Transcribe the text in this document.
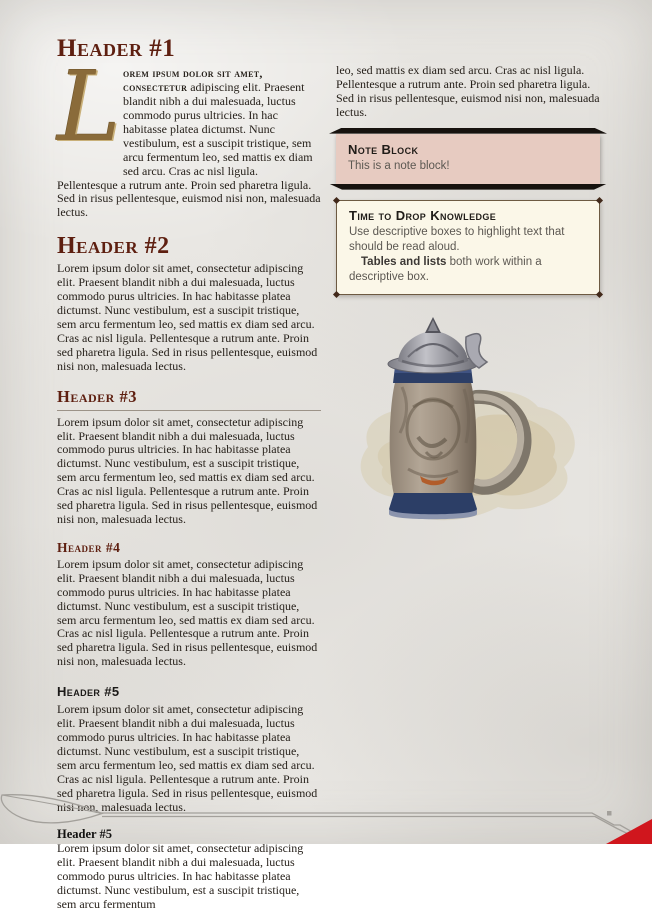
Header #1

Lorem ipsum dolor sit amet, consectetur adipiscing elit. Praesent blandit nibh a dui malesuada, luctus commodo purus ultricies. In hac habitasse platea dictumst. Nunc vestibulum, est a suscipit tristique, sem arcu fermentum leo, sed mattis ex diam sed arcu. Cras ac nisl ligula. Pellentesque a rutrum ante. Proin sed pharetra ligula. Sed in risus pellentesque, euismod nisi non, malesuada lectus.

Header #2

Lorem ipsum dolor sit amet, consectetur adipiscing elit. Praesent blandit nibh a dui malesuada, luctus commodo purus ultricies. In hac habitasse platea dictumst. Nunc vestibulum, est a suscipit tristique, sem arcu fermentum leo, sed mattis ex diam sed arcu. Cras ac nisl ligula. Pellentesque a rutrum ante. Proin sed pharetra ligula. Sed in risus pellentesque, euismod nisi non, malesuada lectus.

Header #3

Lorem ipsum dolor sit amet, consectetur adipiscing elit. Praesent blandit nibh a dui malesuada, luctus commodo purus ultricies. In hac habitasse platea dictumst. Nunc vestibulum, est a suscipit tristique, sem arcu fermentum leo, sed mattis ex diam sed arcu. Cras ac nisl ligula. Pellentesque a rutrum ante. Proin sed pharetra ligula. Sed in risus pellentesque, euismod nisi non, malesuada lectus.

Header #4

Lorem ipsum dolor sit amet, consectetur adipiscing elit. Praesent blandit nibh a dui malesuada, luctus commodo purus ultricies. In hac habitasse platea dictumst. Nunc vestibulum, est a suscipit tristique, sem arcu fermentum leo, sed mattis ex diam sed arcu. Cras ac nisl ligula. Pellentesque a rutrum ante. Proin sed pharetra ligula. Sed in risus pellentesque, euismod nisi non, malesuada lectus.

Header #5

Lorem ipsum dolor sit amet, consectetur adipiscing elit. Praesent blandit nibh a dui malesuada, luctus commodo purus ultricies. In hac habitasse platea dictumst. Nunc vestibulum, est a suscipit tristique, sem arcu fermentum leo, sed mattis ex diam sed arcu. Cras ac nisl ligula. Pellentesque a rutrum ante. Proin sed pharetra ligula. Sed in risus pellentesque, euismod nisi non, malesuada lectus.

Header #5

Lorem ipsum dolor sit amet, consectetur adipiscing elit. Praesent blandit nibh a dui malesuada, luctus commodo purus ultricies. In hac habitasse platea dictumst. Nunc vestibulum, est a suscipit tristique, sem arcu fermentum

leo, sed mattis ex diam sed arcu. Cras ac nisl ligula. Pellentesque a rutrum ante. Proin sed pharetra ligula. Sed in risus pellentesque, euismod nisi non, malesuada lectus.

Note Block

This is a note block!

Time to Drop Knowledge

Use descriptive boxes to highlight text that should be read aloud.

Tables and lists both work within a descriptive box.
